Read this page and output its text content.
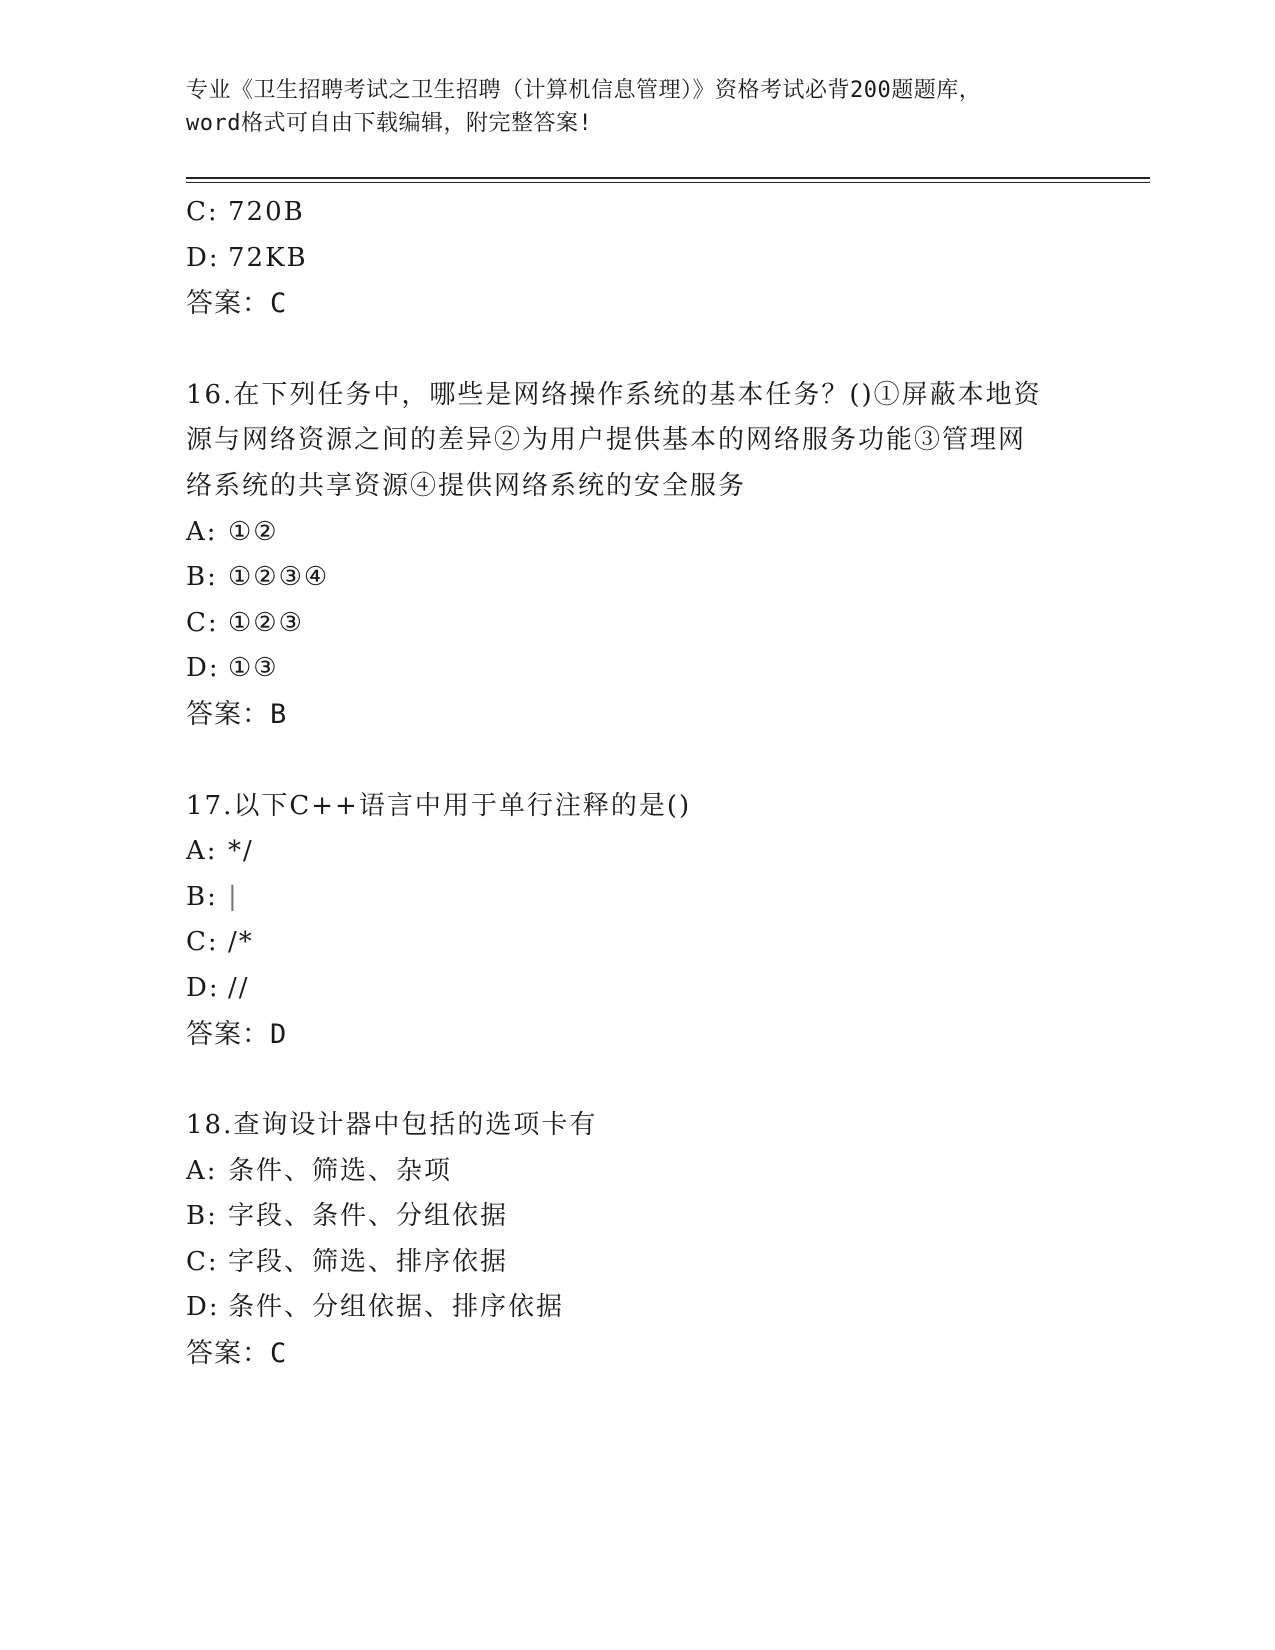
专业《卫生招聘考试之卫生招聘（计算机信息管理）》资格考试必背200题题库，
word格式可自由下载编辑，附完整答案!
C: 720B
D: 72KB
答案：C
16.在下列任务中，哪些是网络操作系统的基本任务？()①屏蔽本地资
源与网络资源之间的差异②为用户提供基本的网络服务功能③管理网
络系统的共享资源④提供网络系统的安全服务
A: ①②
B: ①②③④
C: ①②③
D: ①③
答案：B
17.以下C++语言中用于单行注释的是()
A: */
B: |
C: /*
D: //
答案：D
18.查询设计器中包括的选项卡有
A: 条件、筛选、杂项
B: 字段、条件、分组依据
C: 字段、筛选、排序依据
D: 条件、分组依据、排序依据
答案：C
